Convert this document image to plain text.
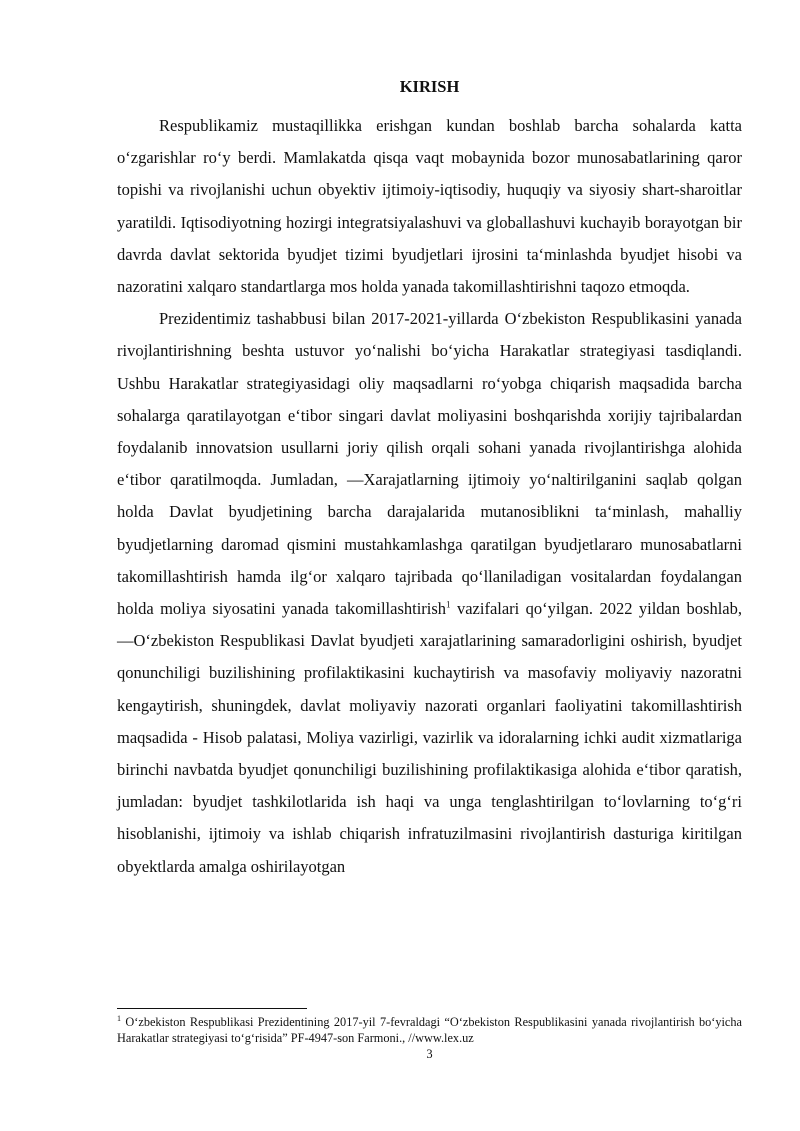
KIRISH

Respublikamiz mustaqillikka erishgan kundan boshlab barcha sohalarda katta o‘zgarishlar ro‘y berdi. Mamlakatda qisqa vaqt mobaynida bozor munosabatlarining qaror topishi va rivojlanishi uchun obyektiv ijtimoiy-iqtisodiy, huquqiy va siyosiy shart-sharoitlar yaratildi. Iqtisodiyotning hozirgi integratsiyalashuvi va globallashuvi kuchayib borayotgan bir davrda davlat sektorida byudjet tizimi byudjetlari ijrosini ta‘minlashda byudjet hisobi va nazoratini xalqaro standartlarga mos holda yanada takomillashtirishni taqozo etmoqda.

Prezidentimiz tashabbusi bilan 2017-2021-yillarda O‘zbekiston Respublikasini yanada rivojlantirishning beshta ustuvor yo‘nalishi bo‘yicha Harakatlar strategiyasi tasdiqlandi. Ushbu Harakatlar strategiyasidagi oliy maqsadlarni ro‘yobga chiqarish maqsadida barcha sohalarga qaratilayotgan e‘tibor singari davlat moliyasini boshqarishda xorijiy tajribalardan foydalanib innovatsion usullarni joriy qilish orqali sohani yanada rivojlantirishga alohida e‘tibor qaratilmoqda. Jumladan, ―Xarajatlarning ijtimoiy yo‘naltirilganini saqlab qolgan holda Davlat byudjetining barcha darajalarida mutanosiblikni ta‘minlash, mahalliy byudjetlarning daromad qismini mustahkamlashga qaratilgan byudjetlararo munosabatlarni takomillashtirish hamda ilg‘or xalqaro tajribada qo‘llaniladigan vositalardan foydalangan holda moliya siyosatini yanada takomillashtirish$^1$ vazifalari qo‘yilgan. 2022 yildan boshlab, ―O‘zbekiston Respublikasi Davlat byudjeti xarajatlarining samaradorligini oshirish, byudjet qonunchiligi buzilishining profilaktikasini kuchaytirish va masofaviy moliyaviy nazoratni kengaytirish, shuningdek, davlat moliyaviy nazorati organlari faoliyatini takomillashtirish maqsadida - Hisob palatasi, Moliya vazirligi, vazirlik va idoralarning ichki audit xizmatlariga birinchi navbatda byudjet qonunchiligi buzilishining profilaktikasiga alohida e‘tibor qaratish, jumladan: byudjet tashkilotlarida ish haqi va unga tenglashtirilgan to‘lovlarning to‘g‘ri hisoblanishi, ijtimoiy va ishlab chiqarish infratuzilmasini rivojlantirish dasturiga kiritilgan obyektlarda amalga oshirilayotgan

$^1$ O‘zbekiston Respublikasi Prezidentining 2017-yil 7-fevraldagi “O‘zbekiston Respublikasini yanada rivojlantirish bo‘yicha Harakatlar strategiyasi to‘g‘risida” PF-4947-son Farmoni., //www.lex.uz
3
